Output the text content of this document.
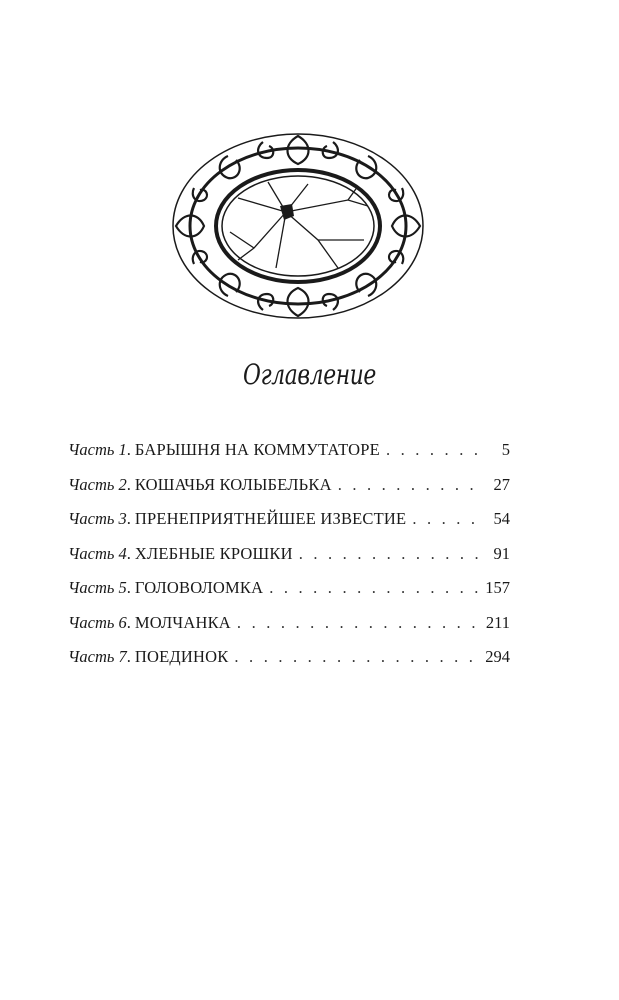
Оглавление
Часть 1 . БАРЫШНЯ НА КОММУТАТОРЕ . . .	5
Часть 2 . КОШАЧЬЯ КОЛЫБЕЛЬКА . . .	27
Часть 3 . ПРЕНЕПРИЯТНЕЙШЕЕ ИЗВЕСТИЕ . . .	54
Часть 4 . ХЛЕБНЫЕ КРОШКИ . . .	91
Часть 5 . ГОЛОВОЛОМКА . . .	157
Часть 6 . МОЛЧАНКА . . .	211
Часть 7 . ПОЕДИНОК . . .	294
